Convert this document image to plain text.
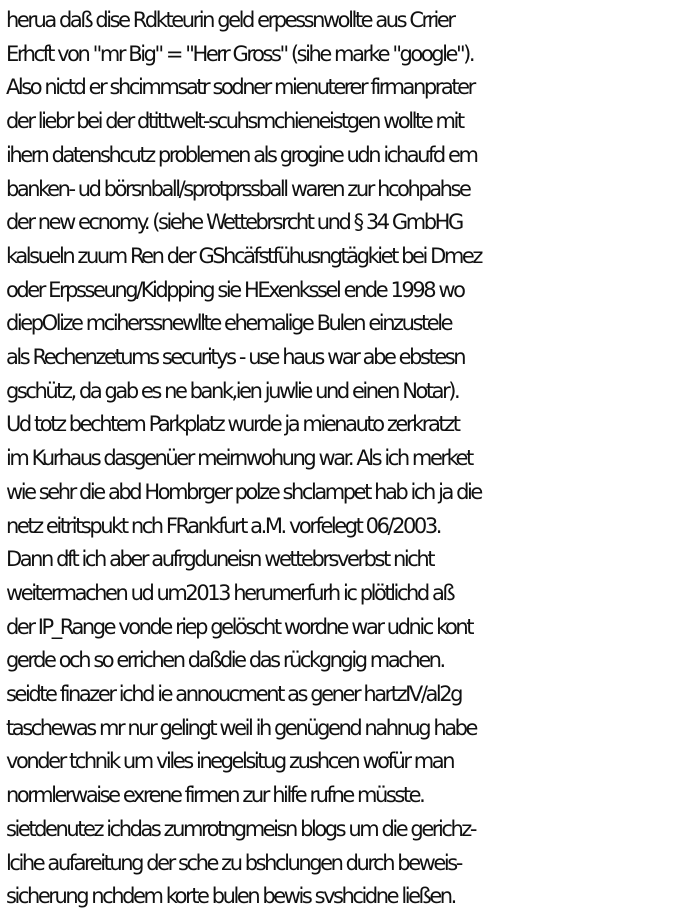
herua daß dise Rdkteurin geld erpessnwollte aus Crrier

Erhcft von "mr Big" = "Herr Gross" (sihe marke "google").

Also nictd er shcimmsatr sodner mienuterer firmanprater

der liebr bei der dtittwelt-scuhsmchieneistgen wollte mit

ihern datenshcutz problemen als grogine udn ichaufd em

banken- ud börsnball/sprotprssball waren zur hcohpahse

der new ecnomy. (siehe Wettebrsrcht und § 34 GmbHG

kalsueln zuum Ren der GShcäfstfühusngtägkiet bei Dmez

oder Erpsseung/Kidpping sie HExenkssel ende 1998 wo

diepOlize mciherssnewllte ehemalige Bulen einzustele

als Rechenzetums securitys - use haus war abe ebstesn

gschütz, da gab es ne bank,ien juwlie und einen Notar).

Ud totz bechtem Parkplatz wurde ja mienauto zerkratzt

im Kurhaus dasgenüer meirnwohung war. Als ich merket

wie sehr die abd Hombrger polze shclampet hab ich ja die

netz eitritspukt nch FRankfurt a.M. vorfelegt 06/2003.

Dann dft ich aber aufrgduneisn wettebrsverbst nicht

weitermachen ud um2013 herumerfurh ic plötlichd aß

der IP_Range vonde riep gelöscht wordne war udnic kont

gerde och so errichen daßdie das rückgngig machen.

seidte finazer ichd ie annoucment as gener hartzIV/al2g

taschewas mr nur gelingt weil ih genügend nahnug habe

vonder tchnik um viles inegelsitug zushcen wofür man

normlerwaise exrene firmen zur hilfe rufne müsste.

sietdenutez ichdas zumrotngmeisn blogs um die gerichz-

lcihe aufareitung der sche zu bshclungen durch beweis-

sicherung nchdem korte bulen bewis svshcidne ließen.
